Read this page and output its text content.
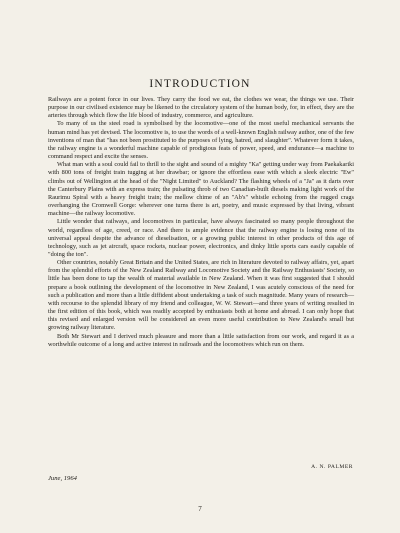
INTRODUCTION

Railways are a potent force in our lives. They carry the food we eat, the clothes we wear, the things we use. Their purpose in our civilised existence may be likened to the circulatory system of the human body, for, in effect, they are the arteries through which flow the life blood of industry, commerce, and agriculture.

To many of us the steel road is symbolised by the locomotive—one of the most useful mechanical servants the human mind has yet devised. The locomotive is, to use the words of a well-known English railway author, one of the few inventions of man that "has not been prostituted to the purposes of lying, hatred, and slaughter". Whatever form it takes, the railway engine is a wonderful machine capable of prodigious feats of power, speed, and endurance—a machine to command respect and excite the senses.

What man with a soul could fail to thrill to the sight and sound of a mighty "Ka" getting under way from Paekakariki with 800 tons of freight train tugging at her drawbar; or ignore the effortless ease with which a sleek electric "Ew" climbs out of Wellington at the head of the "Night Limited" to Auckland? The flashing wheels of a "Ja" as it darts over the Canterbury Plains with an express train; the pulsating throb of two Canadian-built diesels making light work of the Raurimu Spiral with a heavy freight train; the mellow chime of an "Ab's" whistle echoing from the rugged crags overhanging the Cromwell Gorge: wherever one turns there is art, poetry, and music expressed by that living, vibrant machine—the railway locomotive.

Little wonder that railways, and locomotives in particular, have always fascinated so many people throughout the world, regardless of age, creed, or race. And there is ample evidence that the railway engine is losing none of its universal appeal despite the advance of dieselisation, or a growing public interest in other products of this age of technology, such as jet aircraft, space rockets, nuclear power, electronics, and dinky little sports cars easily capable of "doing the ton".

Other countries, notably Great Britain and the United States, are rich in literature devoted to railway affairs, yet, apart from the splendid efforts of the New Zealand Railway and Locomotive Society and the Railway Enthusiasts' Society, so little has been done to tap the wealth of material available in New Zealand. When it was first suggested that I should prepare a book outlining the development of the locomotive in New Zealand, I was acutely conscious of the need for such a publication and more than a little diffident about undertaking a task of such magnitude. Many years of research—with recourse to the splendid library of my friend and colleague, W. W. Stewart—and three years of writing resulted in the first edition of this book, which was readily accepted by enthusiasts both at home and abroad. I can only hope that this revised and enlarged version will be considered an even more useful contribution to New Zealand's small but growing railway literature.

Both Mr Stewart and I derived much pleasure and more than a little satisfaction from our work, and regard it as a worthwhile outcome of a long and active interest in railroads and the locomotives which run on them.

A. N. PALMER
June, 1964
7
